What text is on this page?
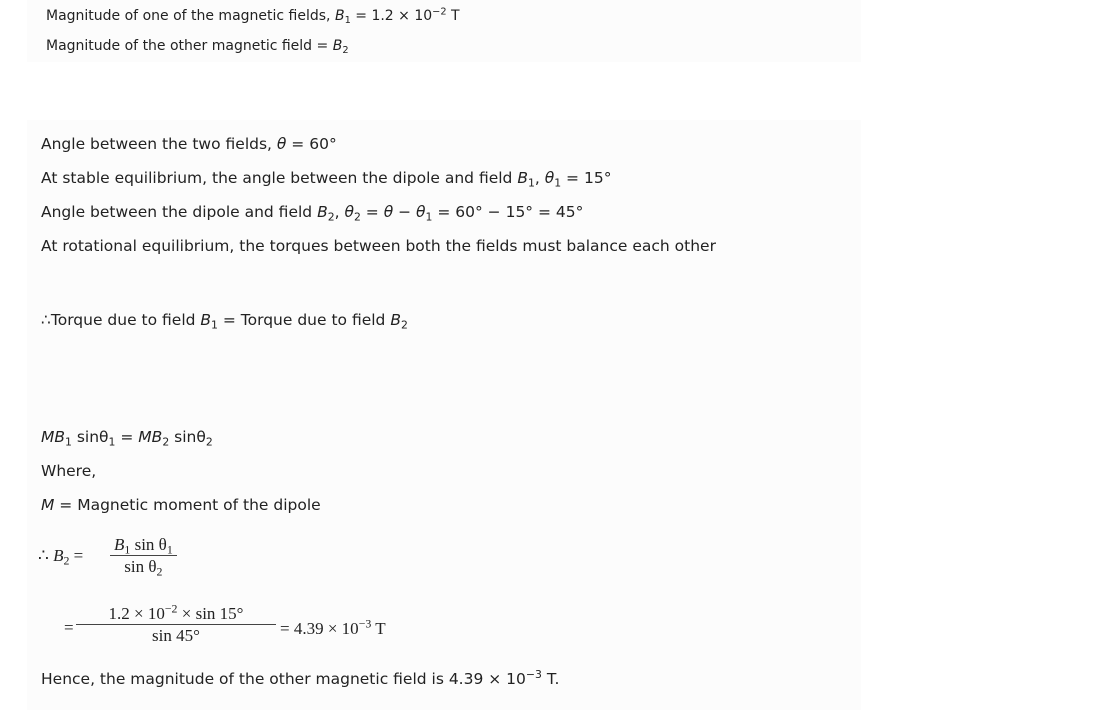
Magnitude of one of the magnetic fields, $B_1 = 1.2 \times 10^{-2}$ T
Magnitude of the other magnetic field = $B_2$
Angle between the two fields, θ = 60°
At stable equilibrium, the angle between the dipole and field $B_1$, $\theta_1 = 15^\circ$
Angle between the dipole and field $B_2$, $\theta_2 = \theta - \theta_1 = 60^\circ - 15^\circ = 45^\circ$
At rotational equilibrium, the torques between both the fields must balance each other
∴Torque due to field $B_1$ = Torque due to field $B_2$
$MB_1$ $\sin\theta_1 = MB_2$ sinθ$_2$
Where,
M = Magnetic moment of the dipole
∴ $B_2 = \frac{B_1 \sin \theta_1}{\sin \theta_2}$
= $\frac{1.2 \times 10^{-2} \times \sin 15^\circ}{\sin 45^\circ} = 4.39 \times 10^{-3}$ T
Hence, the magnitude of the other magnetic field is $4.39 \times 10^{-3}$ T.
